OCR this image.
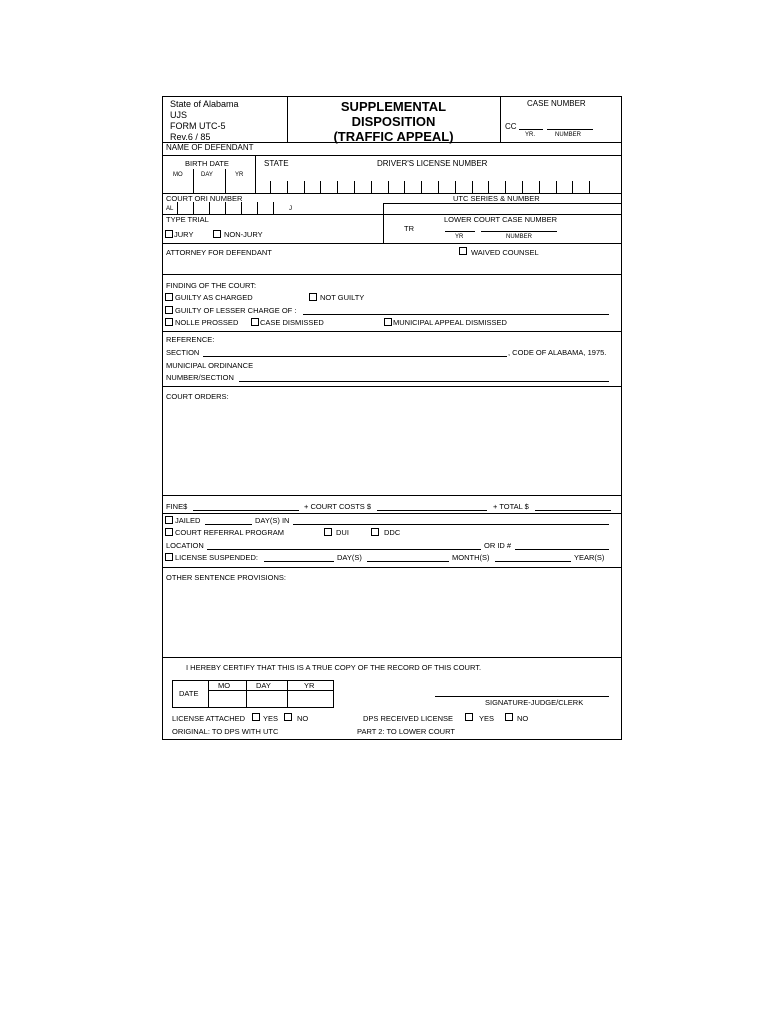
State of Alabama
UJS
FORM UTC-5
Rev.6 / 85
SUPPLEMENTAL
DISPOSITION
(TRAFFIC APPEAL)
CASE NUMBER
CC
YR.	NUMBER
NAME OF DEFENDANT
BIRTH DATE
MO	DAY	YR
STATE	DRIVER'S LICENSE NUMBER
COURT ORI NUMBER
AL	J
UTC SERIES & NUMBER
TYPE TRIAL
JURY	NON-JURY
LOWER COURT CASE NUMBER
TR
YR	NUMBER
ATTORNEY FOR DEFENDANT	WAIVED COUNSEL
FINDING OF THE COURT:
GUILTY AS CHARGED	NOT GUILTY
GUILTY OF LESSER CHARGE OF :
NOLLE PROSSED	CASE DISMISSED	MUNICIPAL APPEAL DISMISSED
REFERENCE:
SECTION	, CODE OF ALABAMA, 1975.
MUNICIPAL ORDINANCE
NUMBER/SECTION
COURT ORDERS:
FINE$	+ COURT COSTS $	+ TOTAL $
JAILED	DAY(S) IN
COURT REFERRAL PROGRAM	DUI	DDC
LOCATION	OR ID #
LICENSE SUSPENDED:	DAY(S)	MONTH(S)	YEAR(S)
OTHER SENTENCE PROVISIONS:
I HEREBY CERTIFY THAT THIS IS A TRUE COPY OF THE RECORD OF THIS COURT.
DATE
MO	DAY	YR
SIGNATURE-JUDGE/CLERK
LICENSE ATTACHED YES	NO	DPS RECEIVED LICENSE	YES	NO
ORIGINAL: TO DPS WITH UTC	PART 2: TO LOWER COURT
